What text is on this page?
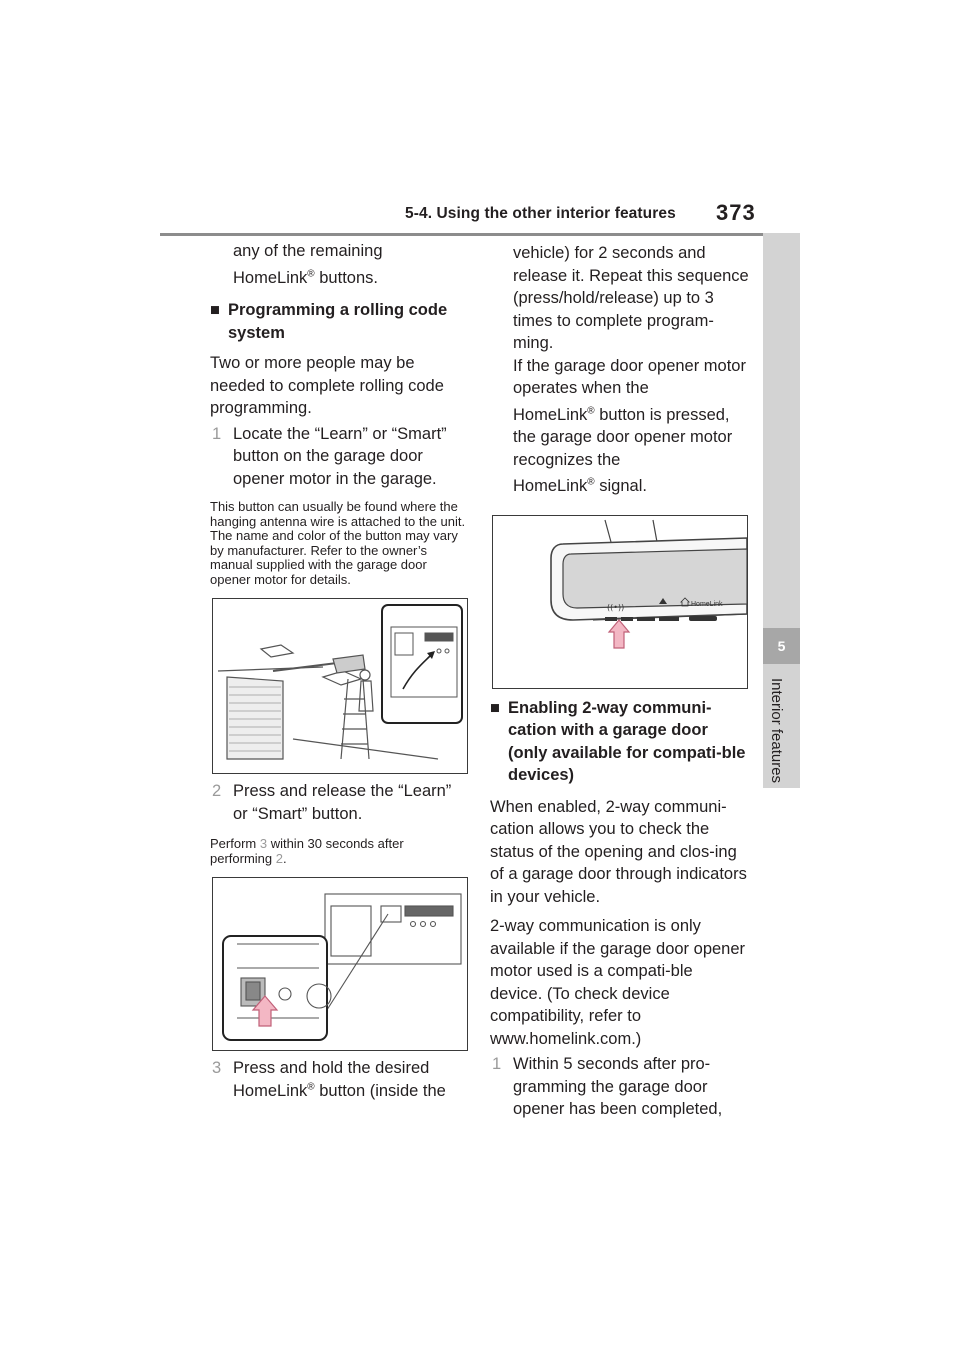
5-4. Using the other interior features 373
5
Interior features

any of the remaining

HomeLink® buttons.

■ Programming a rolling code system

Two or more people may be needed to complete rolling code programming.

1 Locate the “Learn” or “Smart” button on the garage door opener motor in the garage.

This button can usually be found where the hanging antenna wire is attached to the unit. The name and color of the button may vary by manufacturer. Refer to the owner’s manual supplied with the garage door opener motor for details.

2 Press and release the “Learn” or “Smart” button.

Perform 3 within 30 seconds after performing 2.

3 Press and hold the desired
HomeLink® button (inside the

vehicle) for 2 seconds and release it. Repeat this sequence (press/hold/release) up to 3 times to complete program-ming.

If the garage door opener motor operates when the

HomeLink® button is pressed, the garage door opener motor recognizes the

HomeLink® signal.

((•))	HomeLink
■ Enabling 2-way communi-cation with a garage door (only available for compati-ble devices)

When enabled, 2-way communi-cation allows you to check the status of the opening and clos-ing of a garage door through indicators in your vehicle.

2-way communication is only available if the garage door opener motor used is a compati-ble device. (To check device compatibility, refer to www.homelink.com.)

1 Within 5 seconds after pro-gramming the garage door opener has been completed,
